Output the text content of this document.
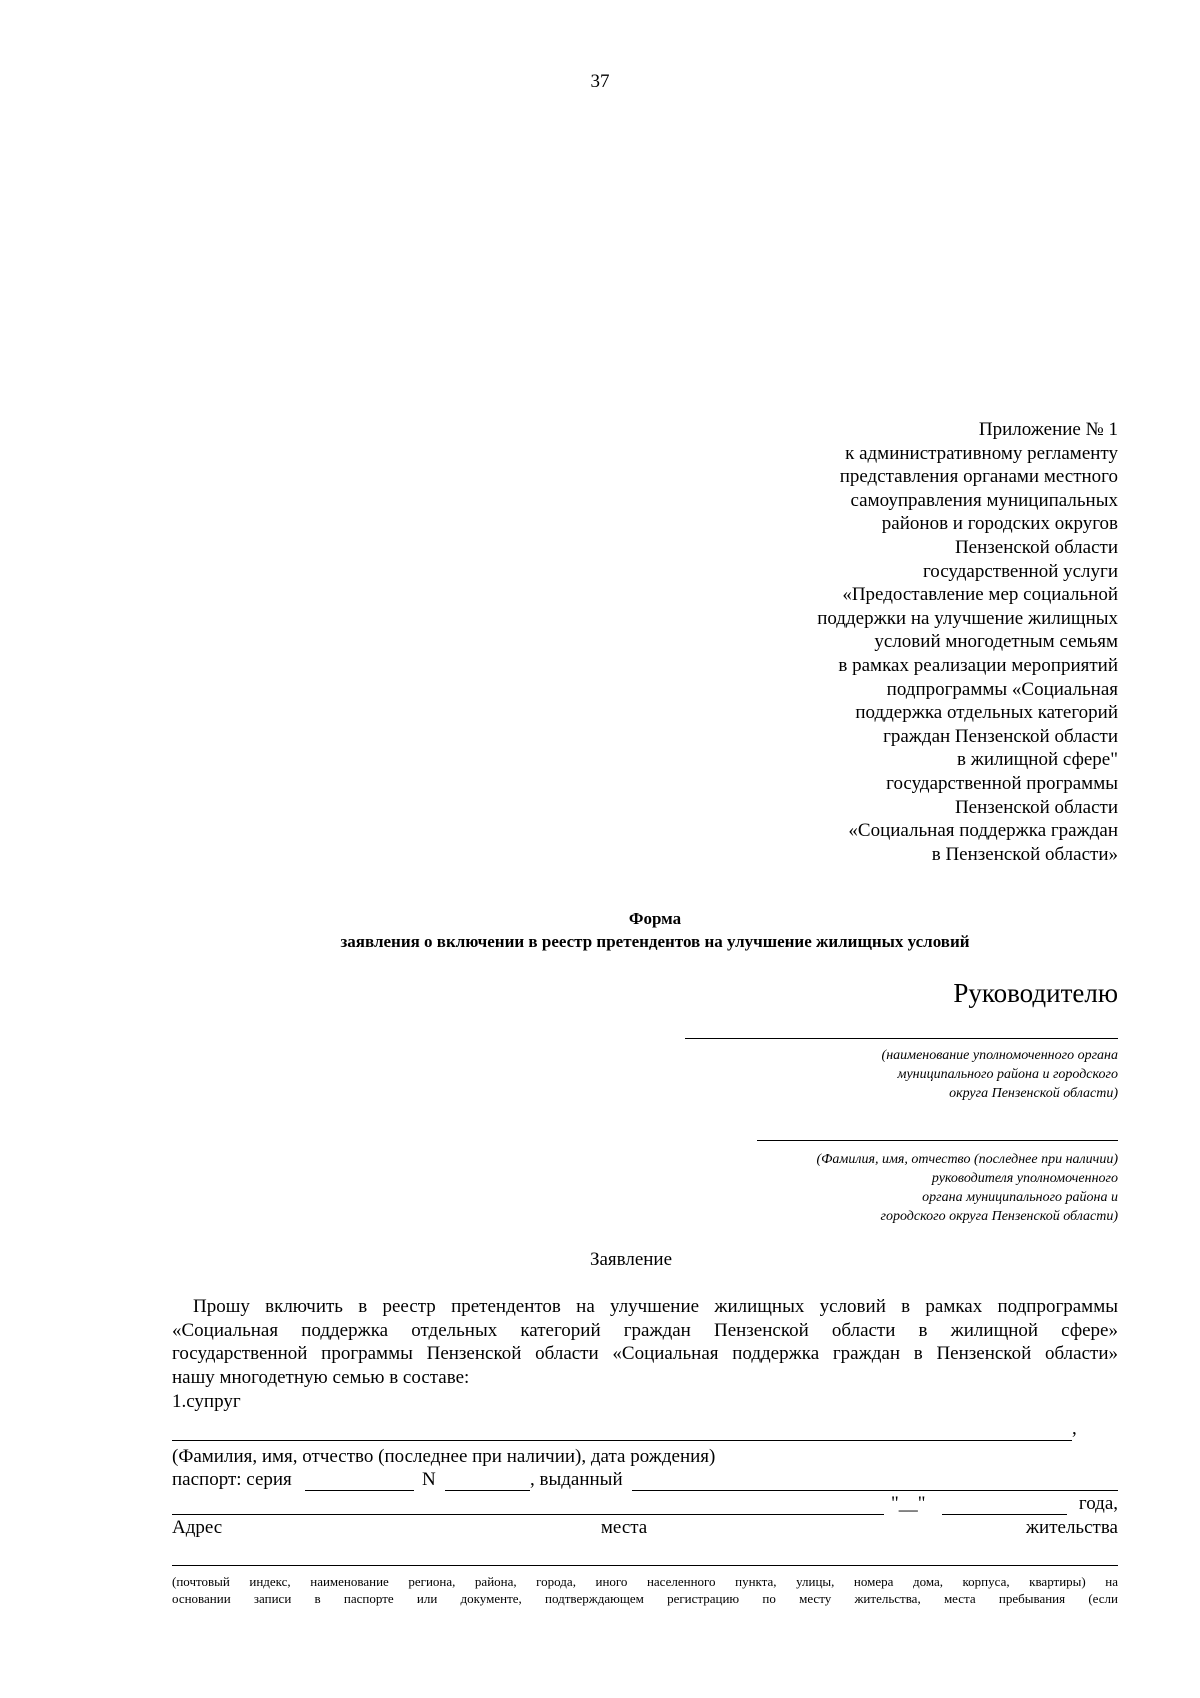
37
Приложение № 1
к административному регламенту
представления органами местного
самоуправления муниципальных
районов и городских округов
Пензенской области
государственной услуги
«Предоставление мер социальной
поддержки на улучшение жилищных
условий многодетным семьям
в рамках реализации мероприятий
подпрограммы «Социальная
поддержка отдельных категорий
граждан Пензенской области
в жилищной сфере"
государственной программы
Пензенской области
«Социальная поддержка граждан
в Пензенской области»
Форма
заявления о включении в реестр претендентов на улучшение жилищных условий
Руководителю
(наименование уполномоченного органа
муниципального района и городского
округа Пензенской области)
(Фамилия, имя, отчество (последнее при наличии)
руководителя уполномоченного
органа муниципального района и
городского округа Пензенской области)
Заявление
Прошу включить в реестр претендентов на улучшение жилищных условий в рамках подпрограммы
«Социальная поддержка отдельных категорий граждан Пензенской области в жилищной сфере»
государственной программы Пензенской области «Социальная поддержка граждан в Пензенской области»
нашу многодетную семью в составе:
1.супруг
,
(Фамилия, имя, отчество (последнее при наличии), дата рождения)
паспорт: серия	N	, выданный
"__"	года,
Адрес	места	жительства
(почтовый индекс, наименование региона, района, города, иного населенного пункта, улицы, номера дома, корпуса, квартиры) на
основании записи в паспорте или документе, подтверждающем регистрацию по месту жительства, места пребывания (если
